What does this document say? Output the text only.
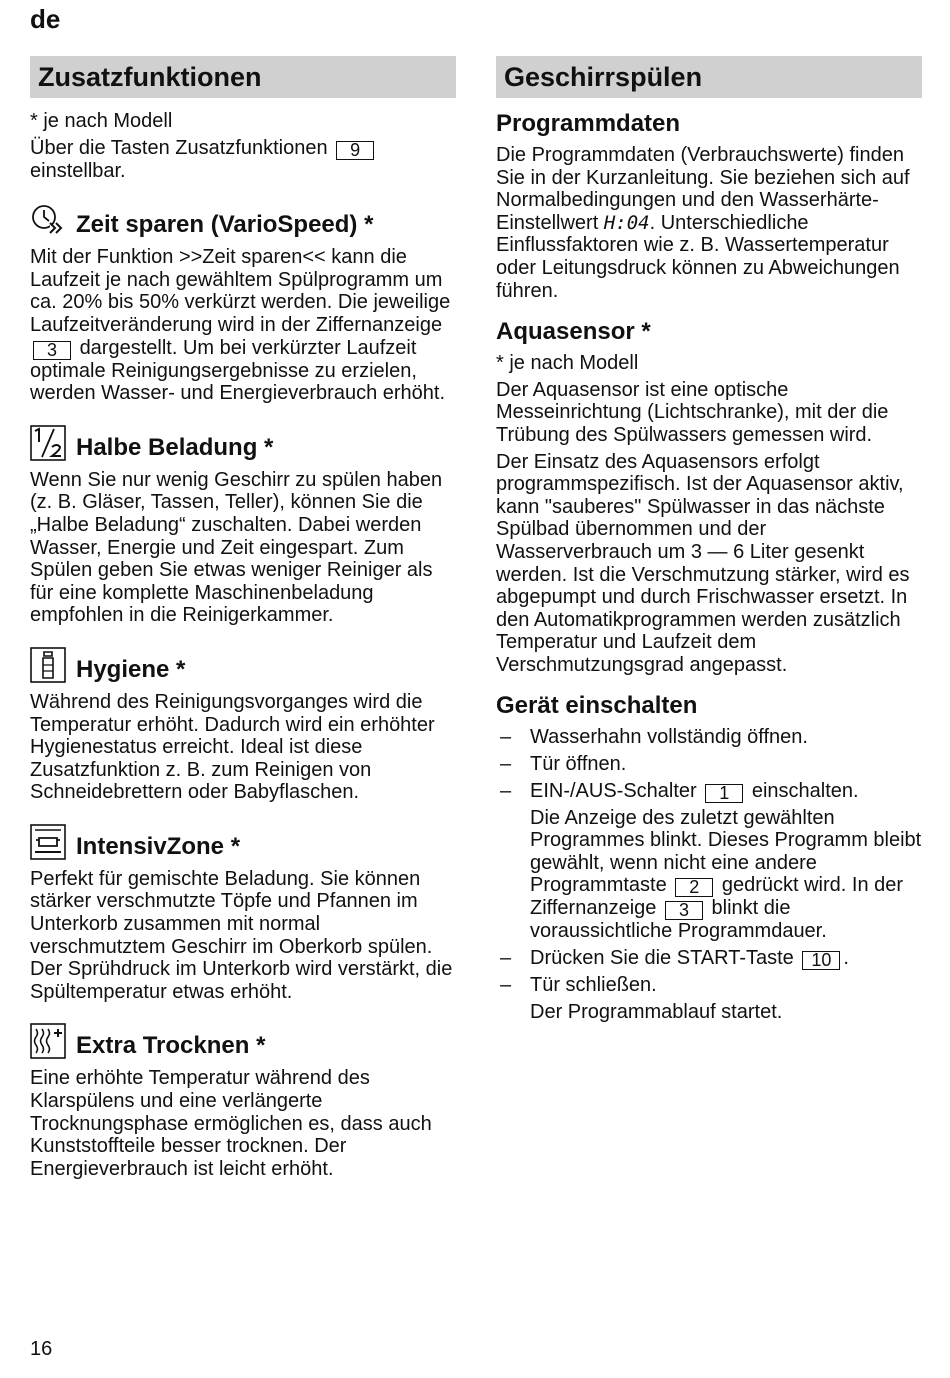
de
Zusatzfunktionen

* je nach Modell

Über die Tasten Zusatzfunktionen 9 einstellbar.

Zeit sparen (VarioSpeed) *

Mit der Funktion >>Zeit sparen<< kann die Laufzeit je nach gewähltem Spülprogramm um ca. 20% bis 50% verkürzt werden. Die jeweilige Laufzeitveränderung wird in der Ziffernanzeige 3 dargestellt. Um bei verkürzter Laufzeit optimale Reinigungsergebnisse zu erzielen, werden Wasser- und Energieverbrauch erhöht.

Halbe Beladung *

Wenn Sie nur wenig Geschirr zu spülen haben (z. B. Gläser, Tassen, Teller), können Sie die „Halbe Beladung“ zuschalten. Dabei werden Wasser, Energie und Zeit eingespart. Zum Spülen geben Sie etwas weniger Reiniger als für eine komplette Maschinenbeladung empfohlen in die Reinigerkammer.

Hygiene *

Während des Reinigungsvorganges wird die Temperatur erhöht. Dadurch wird ein erhöhter Hygienestatus erreicht. Ideal ist diese Zusatzfunktion z. B. zum Reinigen von Schneidebrettern oder Babyflaschen.

IntensivZone *

Perfekt für gemischte Beladung. Sie können stärker verschmutzte Töpfe und Pfannen im Unterkorb zusammen mit normal verschmutztem Geschirr im Oberkorb spülen. Der Sprühdruck im Unterkorb wird verstärkt, die Spültemperatur etwas erhöht.

Extra Trocknen *

Eine erhöhte Temperatur während des Klarspülens und eine verlängerte Trocknungsphase ermöglichen es, dass auch Kunststoffteile besser trocknen. Der Energieverbrauch ist leicht erhöht.

Geschirrspülen
Programmdaten

Die Programmdaten (Verbrauchswerte) finden Sie in der Kurzanleitung. Sie beziehen sich auf Normalbedingungen und den Wasserhärte-Einstellwert H:04. Unterschiedliche Einflussfaktoren wie z. B. Wassertemperatur oder Leitungsdruck können zu Abweichungen führen.

Aquasensor *

* je nach Modell

Der Aquasensor ist eine optische Messeinrichtung (Lichtschranke), mit der die Trübung des Spülwassers gemessen wird.

Der Einsatz des Aquasensors erfolgt programmspezifisch. Ist der Aquasensor aktiv, kann "sauberes" Spülwasser in das nächste Spülbad übernommen und der Wasserverbrauch um 3 — 6 Liter gesenkt werden. Ist die Verschmutzung stärker, wird es abgepumpt und durch Frischwasser ersetzt. In den Automatikprogrammen werden zusätzlich Temperatur und Laufzeit dem Verschmutzungsgrad angepasst.

Gerät einschalten
– Wasserhahn vollständig öffnen.
– Tür öffnen.
– EIN-/AUS-Schalter 1 einschalten.
Die Anzeige des zuletzt gewählten Programmes blinkt. Dieses Programm bleibt gewählt, wenn nicht eine andere Programmtaste 2 gedrückt wird. In der Ziffernanzeige 3 blinkt die voraussichtliche Programmdauer.
– Drücken Sie die START-Taste 10 .
– Tür schließen.
Der Programmablauf startet.
16
